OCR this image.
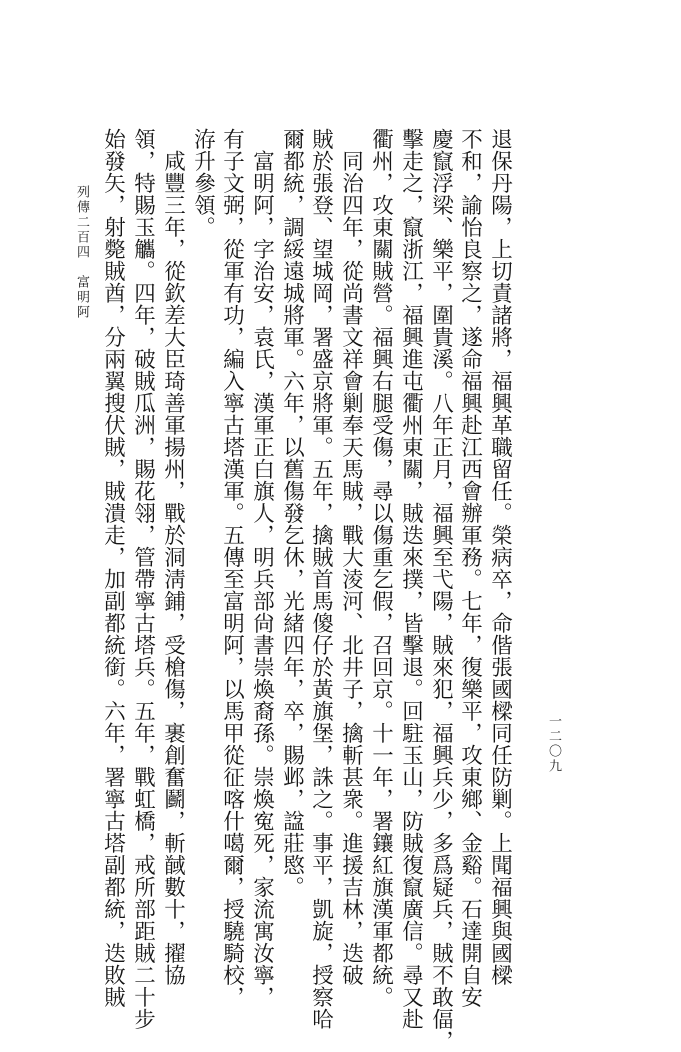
退保丹陽，上切責諸將，福興革職留任。榮病卒，命偕張國樑同任防剿。上聞福興與國樑
不和，諭怡良察之，遂命福興赴江西會辦軍務。七年，復樂平，攻東鄉、金谿。石達開自安
慶竄浮梁、樂平，圍貴溪。八年正月，福興至弋陽，賊來犯，福興兵少，多爲疑兵，賊不敢偪，
擊走之，竄浙江，福興進屯衢州東關，賊迭來撲，皆擊退。回駐玉山，防賊復竄廣信。尋又赴
衢州，攻東關賊營。福興右腿受傷，尋以傷重乞假，召回京。十一年，署鑲紅旗漢軍都統。
同治四年，從尚書文祥會剿奉天馬賊，戰大淩河、北井子，擒斬甚衆。進援吉林，迭破
賊於張登、望城岡，署盛京將軍。五年，擒賊首馬傻仔於黃旗堡，誅之。事平，凱旋，授察哈
爾都統，調綏遠城將軍。六年，以舊傷發乞休，光緒四年，卒，賜邺，諡莊愍。
富明阿，字治安，袁氏，漢軍正白旗人，明兵部尙書崇煥裔孫。崇煥寃死，家流寓汝寧，
有子文弼，從軍有功，編入寧古塔漢軍。五傳至富明阿，以馬甲從征喀什噶爾，授驍騎校，
洊升參領。
咸豐三年，從欽差大臣琦善軍揚州，戰於洞淸鋪，受槍傷，裹創奮鬬，斬馘數十，擢協
領，特賜玉觿。四年，破賊瓜洲，賜花翎，管帶寧古塔兵。五年，戰虹橋，戒所部距賊二十步
始發矢，射斃賊酋，分兩翼搜伏賊，賊潰走，加副都統銜。六年，署寧古塔副都統，迭敗賊
列傳二百四　富明阿
一二〇九
